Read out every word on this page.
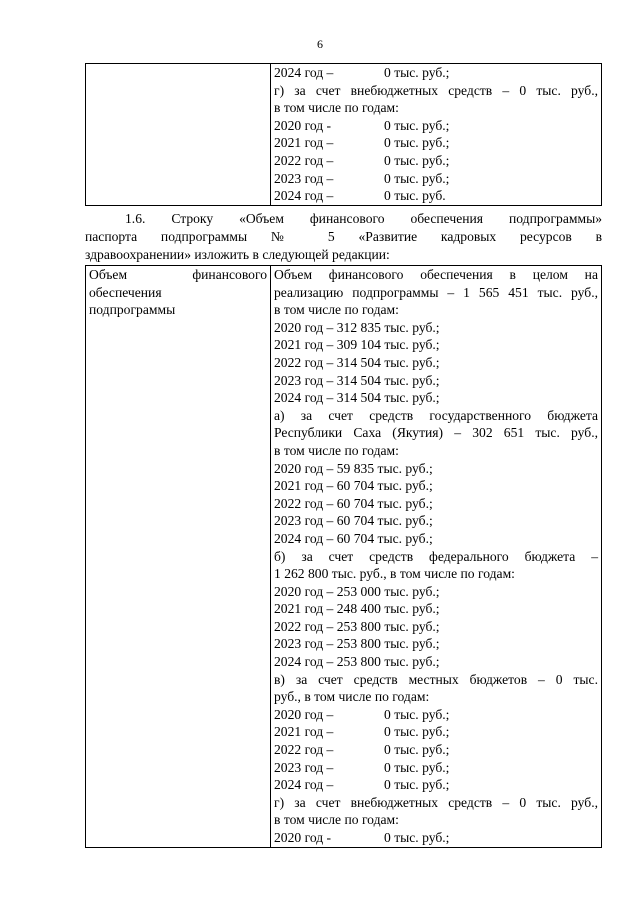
6

2024 год –	0 тыс. руб.;
г) за счет внебюджетных средств – 0 тыс. руб.,
в том числе по годам:
2020 год -	0 тыс. руб.;
2021 год –	0 тыс. руб.;
2022 год –	0 тыс. руб.;
2023 год –	0 тыс. руб.;
2024 год –	0 тыс. руб.
1.6. Строку «Объем финансового обеспечения подпрограммы»
паспорта подпрограммы № 5 «Развитие кадровых ресурсов в
здравоохранении» изложить в следующей редакции:
Объем финансового
обеспечения
подпрограммы

Объем финансового обеспечения в целом на
реализацию подпрограммы – 1 565 451 тыс. руб.,
в том числе по годам:
2020 год – 312 835 тыс. руб.;
2021 год – 309 104 тыс. руб.;
2022 год – 314 504 тыс. руб.;
2023 год – 314 504 тыс. руб.;
2024 год – 314 504 тыс. руб.;
а) за счет средств государственного бюджета
Республики Саха (Якутия) – 302 651 тыс. руб.,
в том числе по годам:
2020 год – 59 835 тыс. руб.;
2021 год – 60 704 тыс. руб.;
2022 год – 60 704 тыс. руб.;
2023 год – 60 704 тыс. руб.;
2024 год – 60 704 тыс. руб.;
б) за счет средств федерального бюджета –
1 262 800 тыс. руб., в том числе по годам:
2020 год – 253 000 тыс. руб.;
2021 год – 248 400 тыс. руб.;
2022 год – 253 800 тыс. руб.;
2023 год – 253 800 тыс. руб.;
2024 год – 253 800 тыс. руб.;
в) за счет средств местных бюджетов – 0 тыс.
руб., в том числе по годам:
2020 год –	0 тыс. руб.;
2021 год –	0 тыс. руб.;
2022 год –	0 тыс. руб.;
2023 год –	0 тыс. руб.;
2024 год –	0 тыс. руб.;
г) за счет внебюджетных средств – 0 тыс. руб.,
в том числе по годам:
2020 год -	0 тыс. руб.;
